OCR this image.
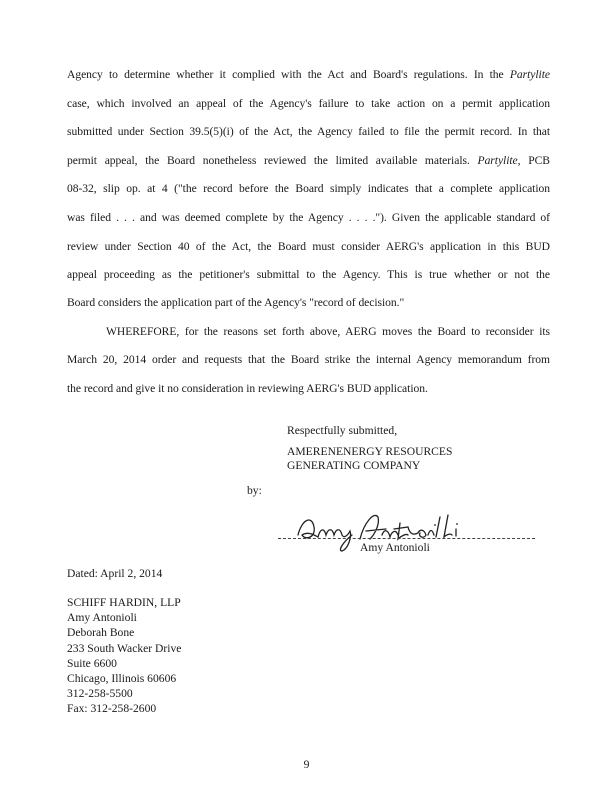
Agency to determine whether it complied with the Act and Board's regulations. In the Partylite
case, which involved an appeal of the Agency's failure to take action on a permit application
submitted under Section 39.5(5)(i) of the Act, the Agency failed to file the permit record. In that
permit appeal, the Board nonetheless reviewed the limited available materials. Partylite, PCB
08-32, slip op. at 4 ("the record before the Board simply indicates that a complete application
was filed . . . and was deemed complete by the Agency . . . ."). Given the applicable standard of
review under Section 40 of the Act, the Board must consider AERG's application in this BUD
appeal proceeding as the petitioner's submittal to the Agency. This is true whether or not the
Board considers the application part of the Agency's "record of decision."
WHEREFORE, for the reasons set forth above, AERG moves the Board to reconsider its
March 20, 2014 order and requests that the Board strike the internal Agency memorandum from
the record and give it no consideration in reviewing AERG's BUD application.
Respectfully submitted,
AMERENENERGY RESOURCES
GENERATING COMPANY
by:
Amy Antonioli
Dated: April 2, 2014
SCHIFF HARDIN, LLP
Amy Antonioli
Deborah Bone
233 South Wacker Drive
Suite 6600
Chicago, Illinois 60606
312-258-5500
Fax: 312-258-2600
9
